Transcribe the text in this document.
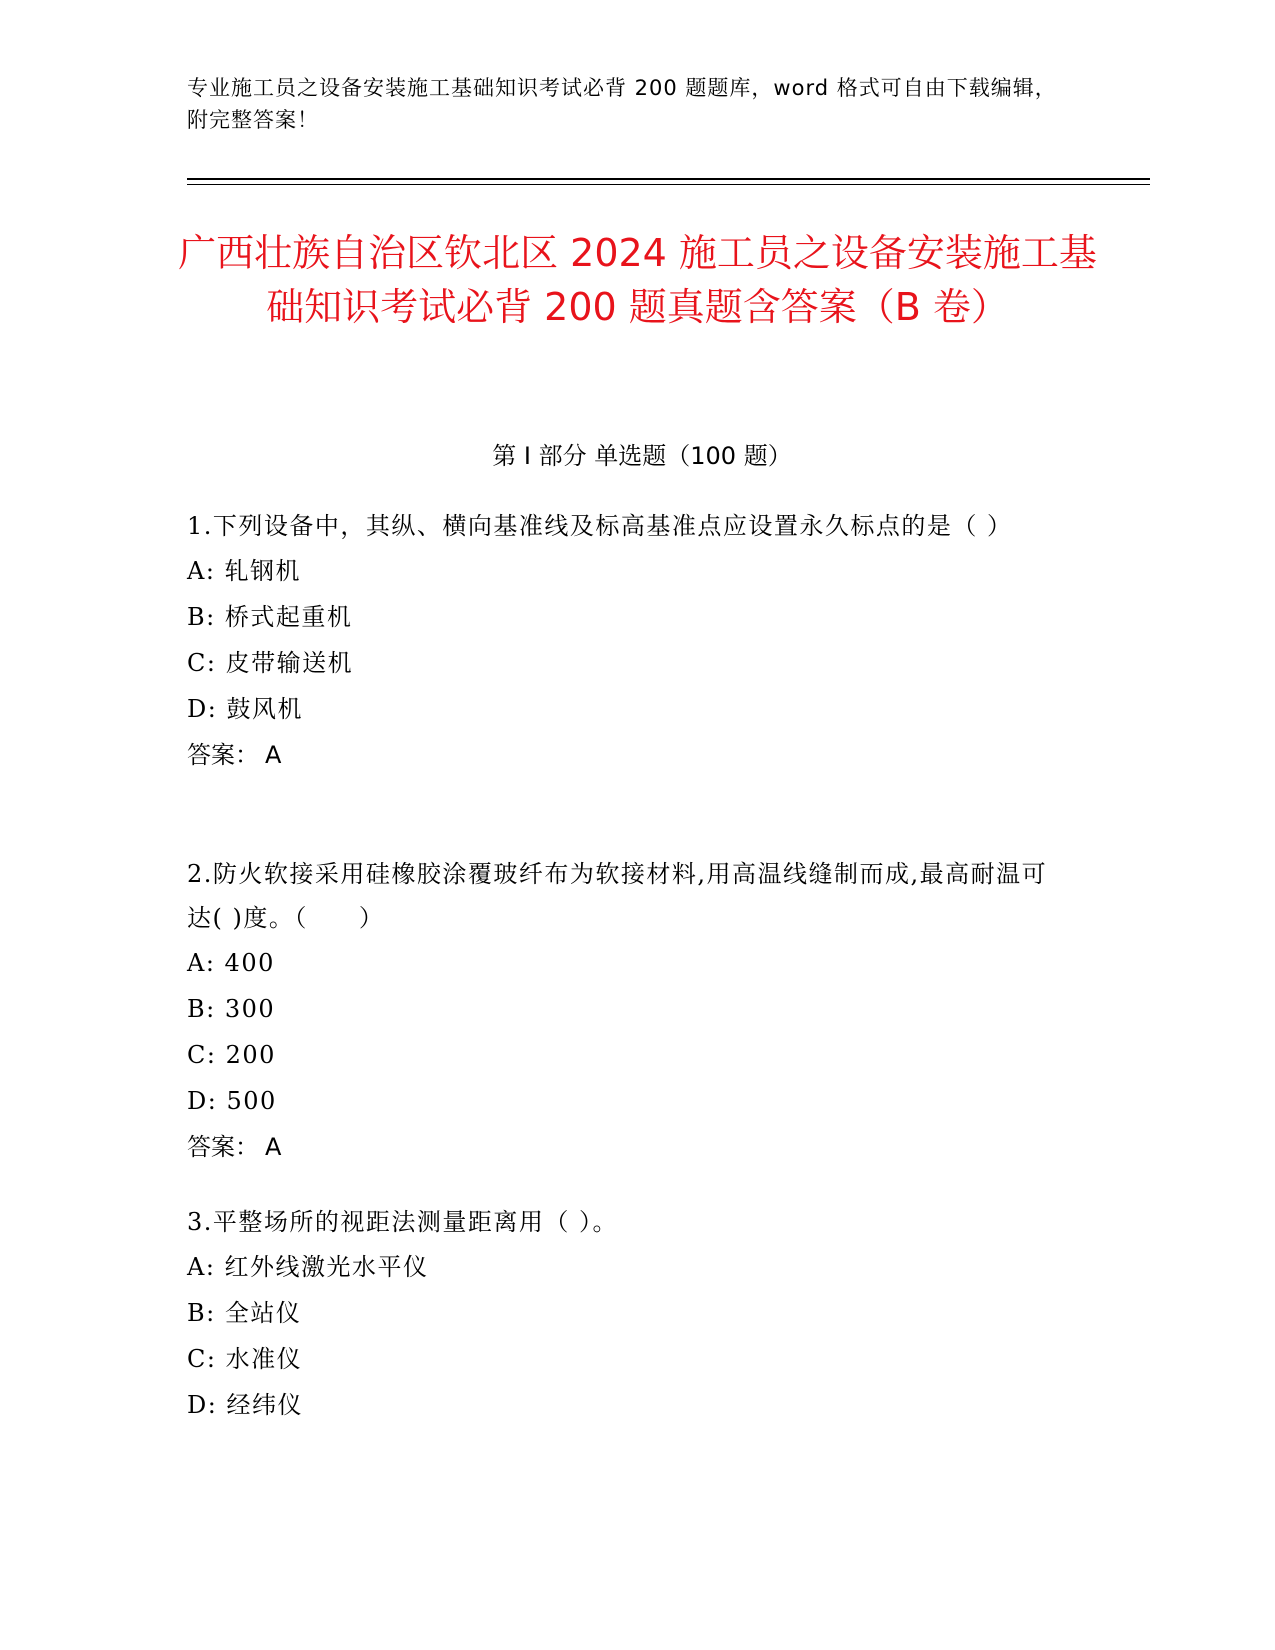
专业施工员之设备安装施工基础知识考试必背 200 题题库，word 格式可自由下载编辑，附完整答案！
广西壮族自治区钦北区 2024 施工员之设备安装施工基础知识考试必背 200 题真题含答案（B 卷）
第 I 部分 单选题（100 题）
1.下列设备中，其纵、横向基准线及标高基准点应设置永久标点的是（ ）
A: 轧钢机
B: 桥式起重机
C: 皮带输送机
D: 鼓风机
答案： A
2.防火软接采用硅橡胶涂覆玻纤布为软接材料,用高温线缝制而成,最高耐温可达( )度。（　　）
A: 400
B: 300
C: 200
D: 500
答案： A
3.平整场所的视距法测量距离用（ ）。
A: 红外线激光水平仪
B: 全站仪
C: 水准仪
D: 经纬仪
